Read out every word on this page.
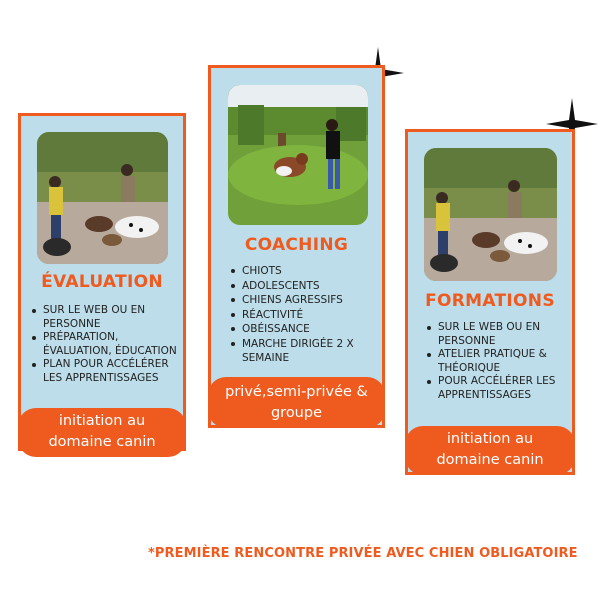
ÉVALUATION
SUR LE WEB OU EN PERSONNE
PRÉPARATION, ÉVALUATION, ÉDUCATION
PLAN POUR ACCÉLÉRER LES APPRENTISSAGES
initiation au
domaine canin
COACHING
CHIOTS
ADOLESCENTS
CHIENS AGRESSIFS
RÉACTIVITÉ
OBÉISSANCE
MARCHE DIRIGÉE 2 X SEMAINE
privé,semi-privée &
groupe
FORMATIONS
SUR LE WEB OU EN PERSONNE
ATELIER PRATIQUE & THÉORIQUE
POUR ACCÉLÉRER LES APPRENTISSAGES
initiation au
domaine canin
*PREMIÈRE RENCONTRE PRIVÉE AVEC CHIEN OBLIGATOIRE
